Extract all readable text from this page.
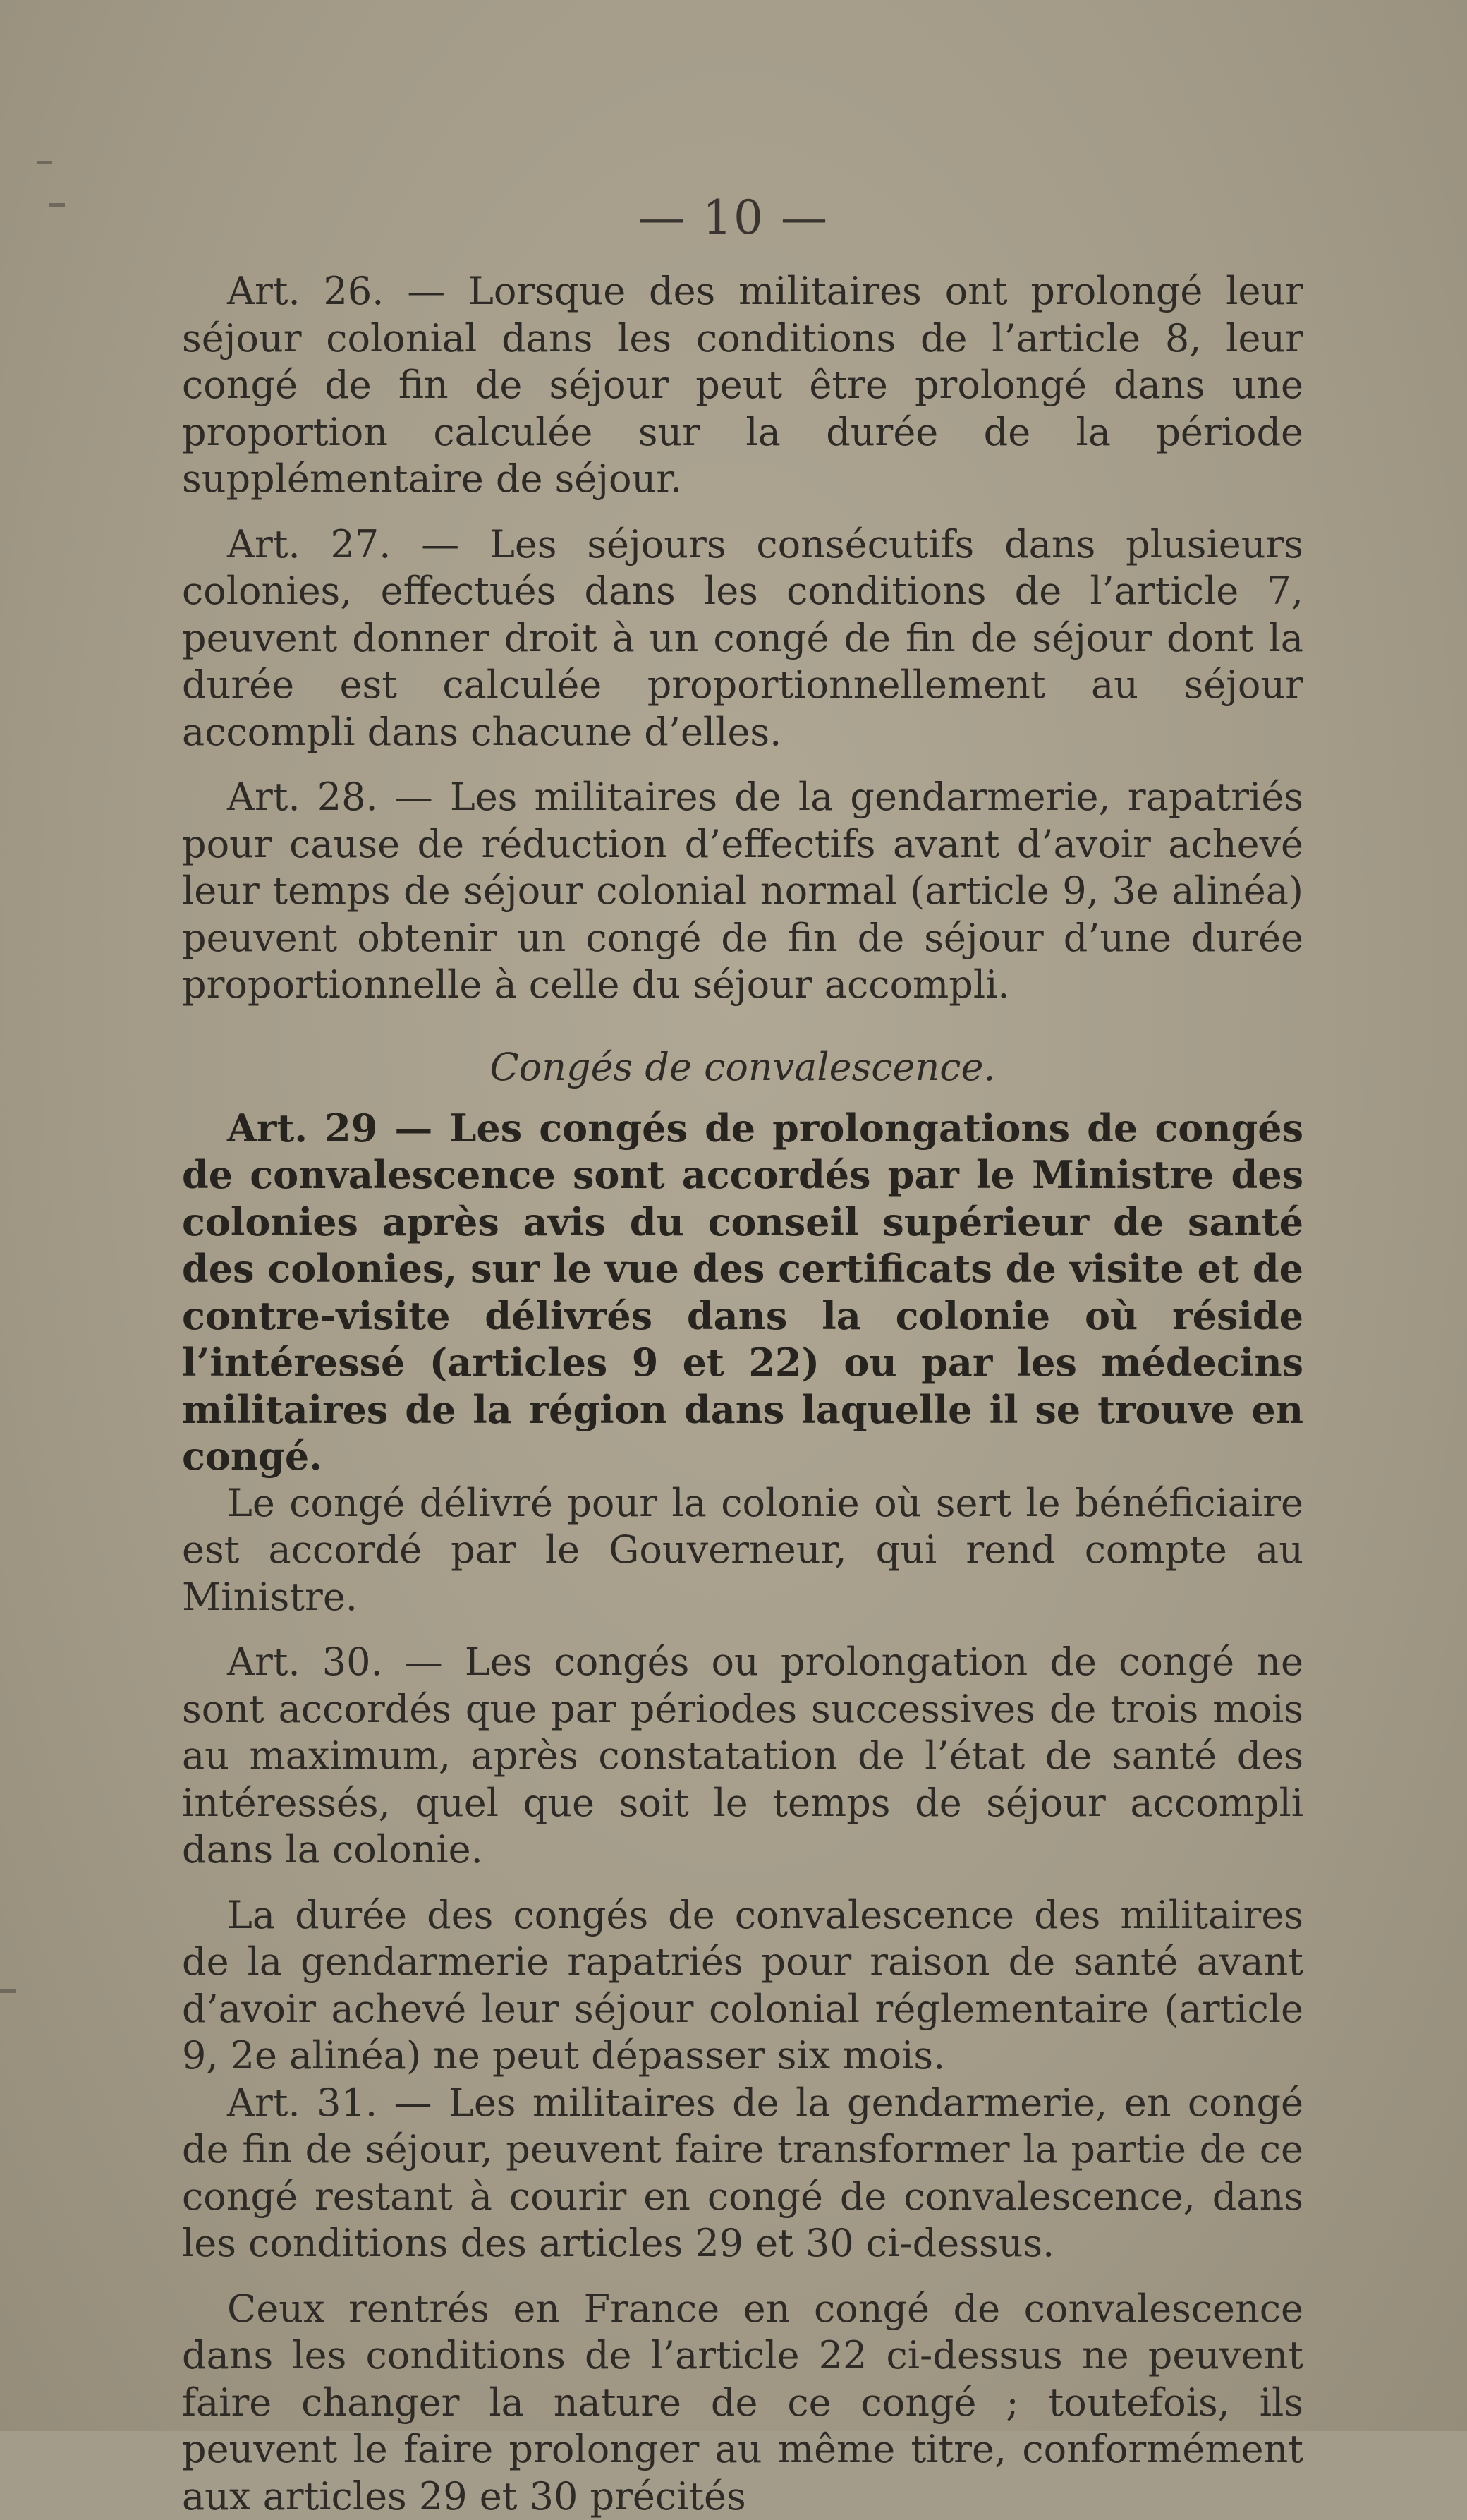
— 10 —

Art. 26. — Lorsque des militaires ont prolongé leur séjour colonial dans les conditions de l’article 8, leur congé de fin de séjour peut être prolongé dans une proportion calculée sur la durée de la période supplémentaire de séjour.

Art. 27. — Les séjours consécutifs dans plusieurs colonies, effectués dans les conditions de l’article 7, peuvent donner droit à un congé de fin de séjour dont la durée est calculée proportionnellement au séjour accompli dans chacune d’elles.

Art. 28. — Les militaires de la gendarmerie, rapatriés pour cause de réduction d’effectifs avant d’avoir achevé leur temps de séjour colonial normal (article 9, 3e alinéa) peuvent obtenir un congé de fin de séjour d’une durée proportionnelle à celle du séjour accompli.

Congés de convalescence.

Art. 29 — Les congés de prolongations de congés de convalescence sont accordés par le Ministre des colonies après avis du conseil supérieur de santé des colonies, sur le vue des certificats de visite et de contre-visite délivrés dans la colonie où réside l’intéressé (articles 9 et 22) ou par les médecins militaires de la région dans laquelle il se trouve en congé.

Le congé délivré pour la colonie où sert le bénéficiaire est accordé par le Gouverneur, qui rend compte au Ministre.

Art. 30. — Les congés ou prolongation de congé ne sont accordés que par périodes successives de trois mois au maximum, après constatation de l’état de santé des intéressés, quel que soit le temps de séjour accompli dans la colonie.

La durée des congés de convalescence des militaires de la gendarmerie rapatriés pour raison de santé avant d’avoir achevé leur séjour colonial réglementaire (article 9, 2e alinéa) ne peut dépasser six mois.

Art. 31. — Les militaires de la gendarmerie, en congé de fin de séjour, peuvent faire transformer la partie de ce congé restant à courir en congé de convalescence, dans les conditions des articles 29 et 30 ci-dessus.

Ceux rentrés en France en congé de convalescence dans les conditions de l’article 22 ci-dessus ne peuvent faire changer la nature de ce congé ; toutefois, ils peuvent le faire prolonger au même titre, conformément aux articles 29 et 30 précités
